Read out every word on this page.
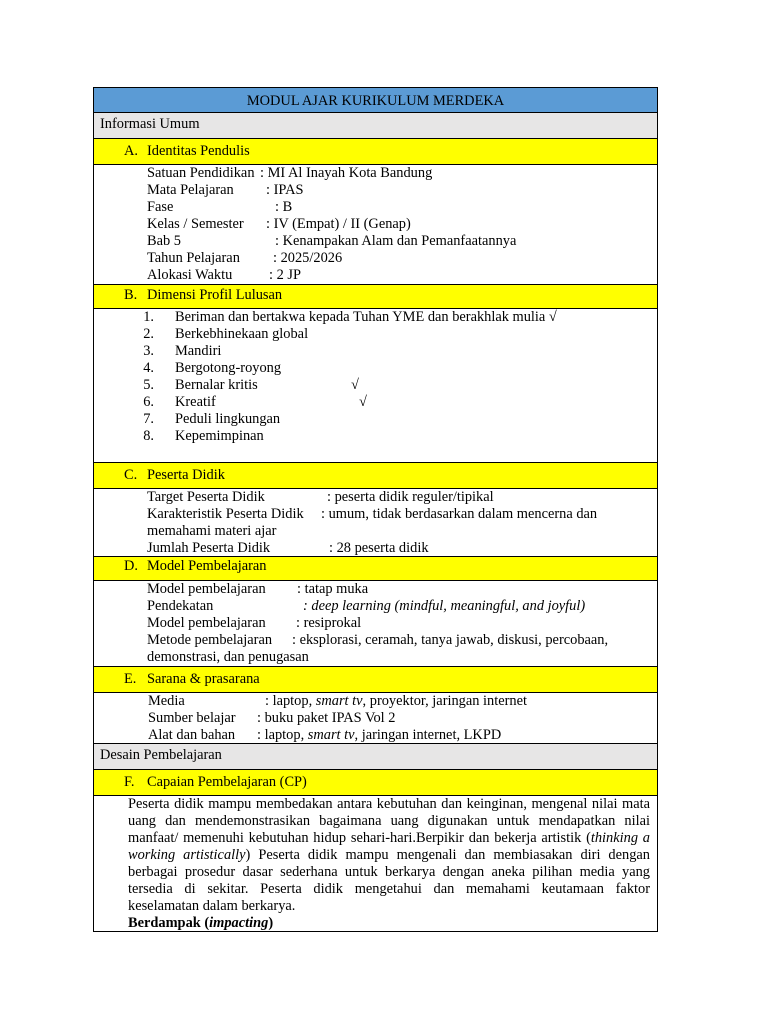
MODUL AJAR KURIKULUM MERDEKA
Informasi Umum
A. Identitas Pendulis
Satuan Pendidikan : MI Al Inayah Kota Bandung
Mata Pelajaran : IPAS
Fase	: B
Kelas / Semester : IV (Empat) / II (Genap)
Bab 5	: Kenampakan Alam dan Pemanfaatannya
Tahun Pelajaran : 2025/2026
Alokasi Waktu	: 2 JP
B. Dimensi Profil Lulusan
1. Beriman dan bertakwa kepada Tuhan YME dan berakhlak mulia √
2. Berkebhinekaan global
3. Mandiri
4. Bergotong-royong
5. Bernalar kritis	√
6. Kreatif	√
7. Peduli lingkungan
8. Kepemimpinan
C. Peserta Didik
Target Peserta Didik	: peserta didik reguler/tipikal
Karakteristik Peserta Didik : umum, tidak berdasarkan dalam mencerna dan
memahami materi ajar
Jumlah Peserta Didik	: 28 peserta didik
D. Model Pembelajaran
Model pembelajaran : tatap muka
Pendekatan	: deep learning (mindful, meaningful, and joyful)
Model pembelajaran : resiprokal
Metode pembelajaran : eksplorasi, ceramah, tanya jawab, diskusi, percobaan,
demonstrasi, dan penugasan
E. Sarana & prasarana
Media	: laptop, smart tv, proyektor, jaringan internet
Sumber belajar : buku paket IPAS Vol 2
Alat dan bahan : laptop, smart tv, jaringan internet, LKPD
Desain Pembelajaran
F. Capaian Pembelajaran (CP)
Peserta didik mampu membedakan antara kebutuhan dan keinginan, mengenal nilai mata uang dan mendemonstrasikan bagaimana uang digunakan untuk mendapatkan nilai manfaat/ memenuhi kebutuhan hidup sehari-hari.Berpikir dan bekerja artistik (thinking a working artistically) Peserta didik mampu mengenali dan membiasakan diri dengan berbagai prosedur dasar sederhana untuk berkarya dengan aneka pilihan media yang tersedia di sekitar. Peserta didik mengetahui dan memahami keutamaan faktor keselamatan dalam berkarya.
Berdampak (impacting)
